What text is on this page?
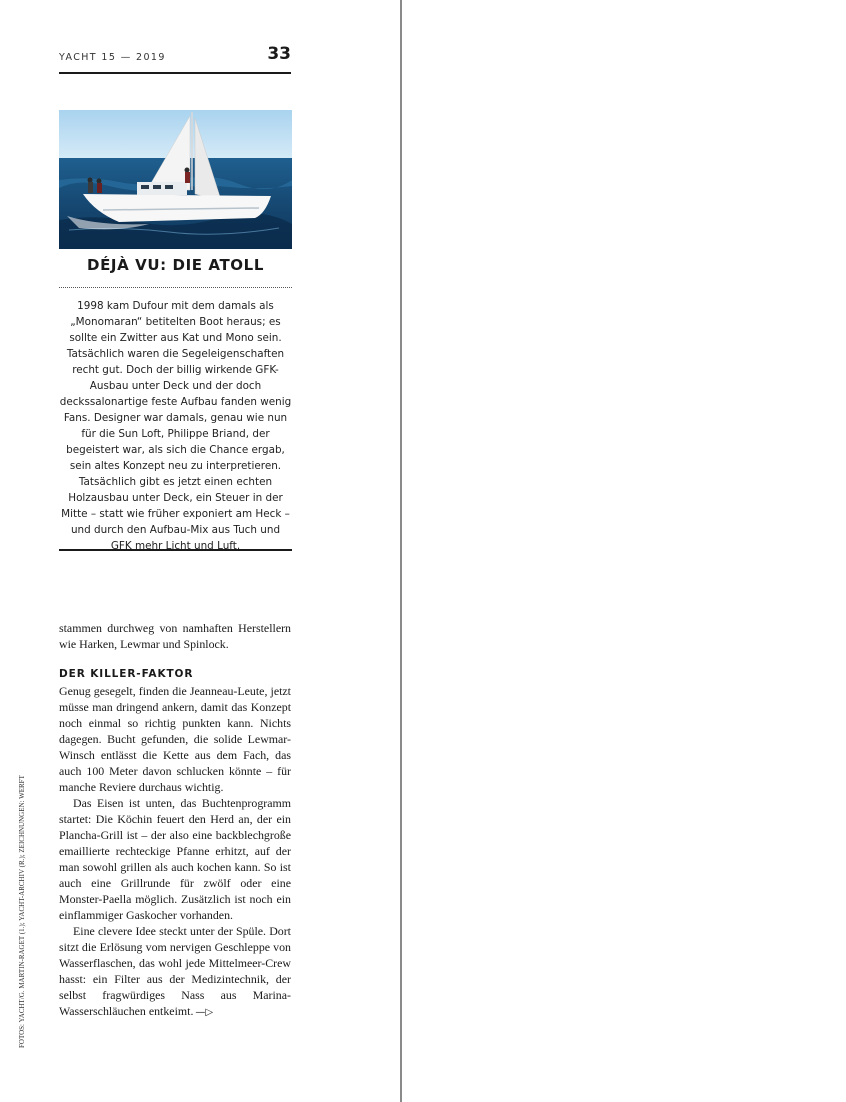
YACHT 15 — 2019	33
DÉJÀ VU: DIE ATOLL
1998 kam Dufour mit dem damals als „Monomaran“ betitelten Boot heraus; es sollte ein Zwitter aus Kat und Mono sein. Tatsächlich waren die Segeleigenschaften recht gut. Doch der billig wirkende GFK-Ausbau unter Deck und der doch deckssalonartige feste Aufbau fanden wenig Fans. Designer war damals, genau wie nun für die Sun Loft, Philippe Briand, der begeistert war, als sich die Chance ergab, sein altes Konzept neu zu interpretieren. Tatsächlich gibt es jetzt einen echten Holzausbau unter Deck, ein Steuer in der Mitte – statt wie früher exponiert am Heck – und durch den Aufbau-Mix aus Tuch und GFK mehr Licht und Luft.

stammen durchweg von namhaften Herstellern wie Harken, Lewmar und Spinlock.

DER KILLER-FAKTOR

Genug gesegelt, finden die Jeanneau-Leute, jetzt müsse man dringend ankern, damit das Konzept noch einmal so richtig punkten kann. Nichts dagegen. Bucht gefunden, die solide Lewmar-Winsch entlässt die Kette aus dem Fach, das auch 100 Meter davon schlucken könnte – für manche Reviere durchaus wichtig.

Das Eisen ist unten, das Buchtenprogramm startet: Die Köchin feuert den Herd an, der ein Plancha-Grill ist – der also eine backblechgroße emaillierte rechteckige Pfanne erhitzt, auf der man sowohl grillen als auch kochen kann. So ist auch eine Grillrunde für zwölf oder eine Monster-Paella möglich. Zusätzlich ist noch ein einflammiger Gaskocher vorhanden.

Eine clevere Idee steckt unter der Spüle. Dort sitzt die Erlösung vom nervigen Geschleppe von Wasserflaschen, das wohl jede Mittelmeer-Crew hasst: ein Filter aus der Medizintechnik, der selbst fragwürdiges Nass aus Marina-Wasserschläuchen entkeimt. —▷

FOTOS: YACHT/G. MARTIN-RAGET (1.); YACHT-ARCHIV (R.); ZEICHNUNGEN: WERFT
